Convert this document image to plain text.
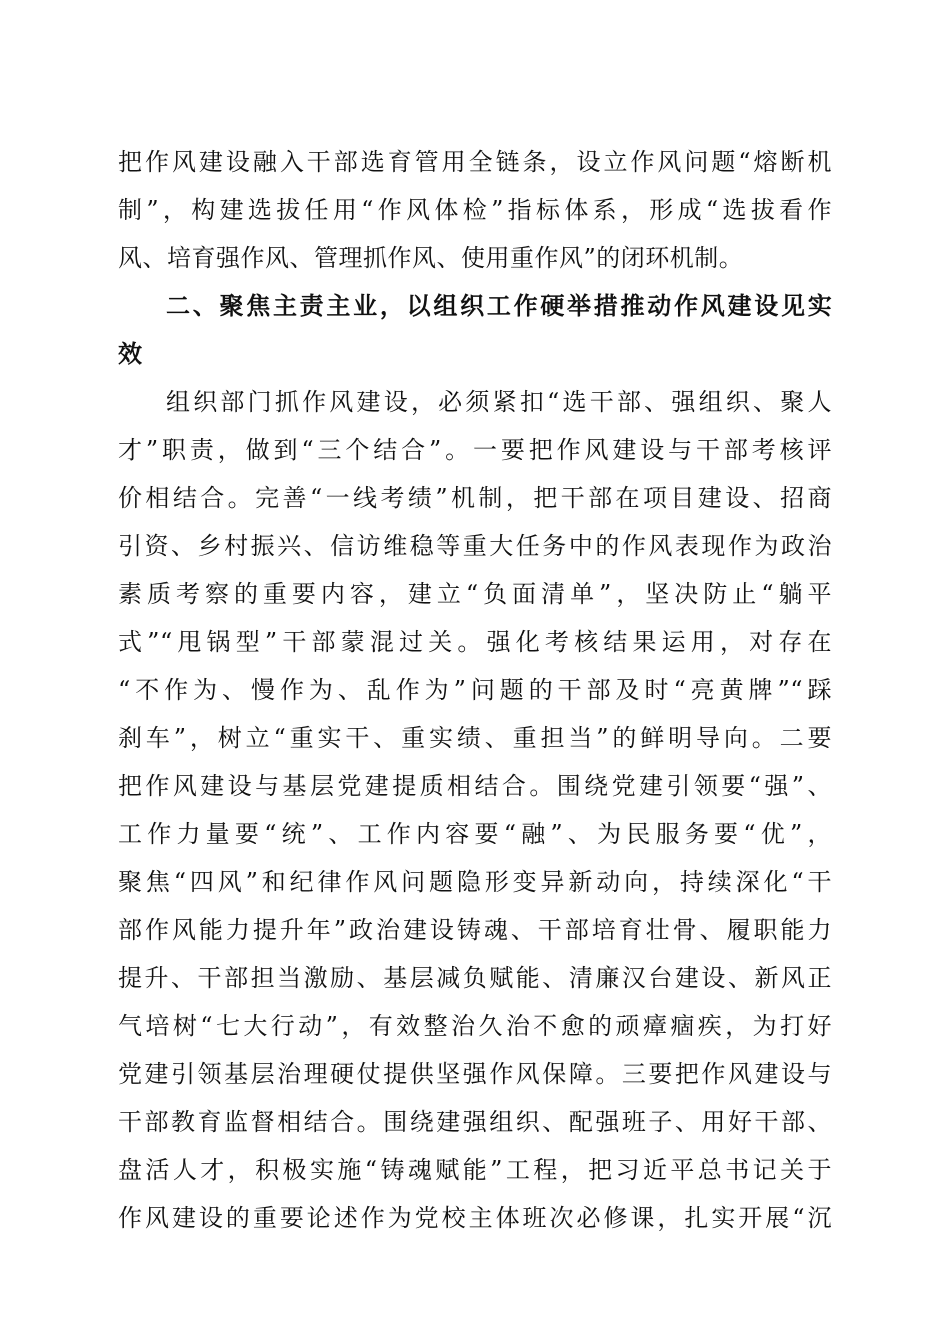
把作风建设融入干部选育管用全链条，设立作风问题“熔断机
制”，构建选拔任用“作风体检”指标体系，形成“选拔看作
风、培育强作风、管理抓作风、使用重作风”的闭环机制。
二、聚焦主责主业，以组织工作硬举措推动作风建设见实
效
组织部门抓作风建设，必须紧扣“选干部、强组织、聚人
才”职责，做到“三个结合”。一要把作风建设与干部考核评
价相结合。完善“一线考绩”机制，把干部在项目建设、招商
引资、乡村振兴、信访维稳等重大任务中的作风表现作为政治
素质考察的重要内容，建立“负面清单”，坚决防止“躺平
式”“甩锅型”干部蒙混过关。强化考核结果运用，对存在
“不作为、慢作为、乱作为”问题的干部及时“亮黄牌”“踩
刹车”，树立“重实干、重实绩、重担当”的鲜明导向。二要
把作风建设与基层党建提质相结合。围绕党建引领要“强”、
工作力量要“统”、工作内容要“融”、为民服务要“优”，
聚焦“四风”和纪律作风问题隐形变异新动向，持续深化“干
部作风能力提升年”政治建设铸魂、干部培育壮骨、履职能力
提升、干部担当激励、基层减负赋能、清廉汉台建设、新风正
气培树“七大行动”，有效整治久治不愈的顽瘴痼疾，为打好
党建引领基层治理硬仗提供坚强作风保障。三要把作风建设与
干部教育监督相结合。围绕建强组织、配强班子、用好干部、
盘活人才，积极实施“铸魂赋能”工程，把习近平总书记关于
作风建设的重要论述作为党校主体班次必修课，扎实开展“沉
